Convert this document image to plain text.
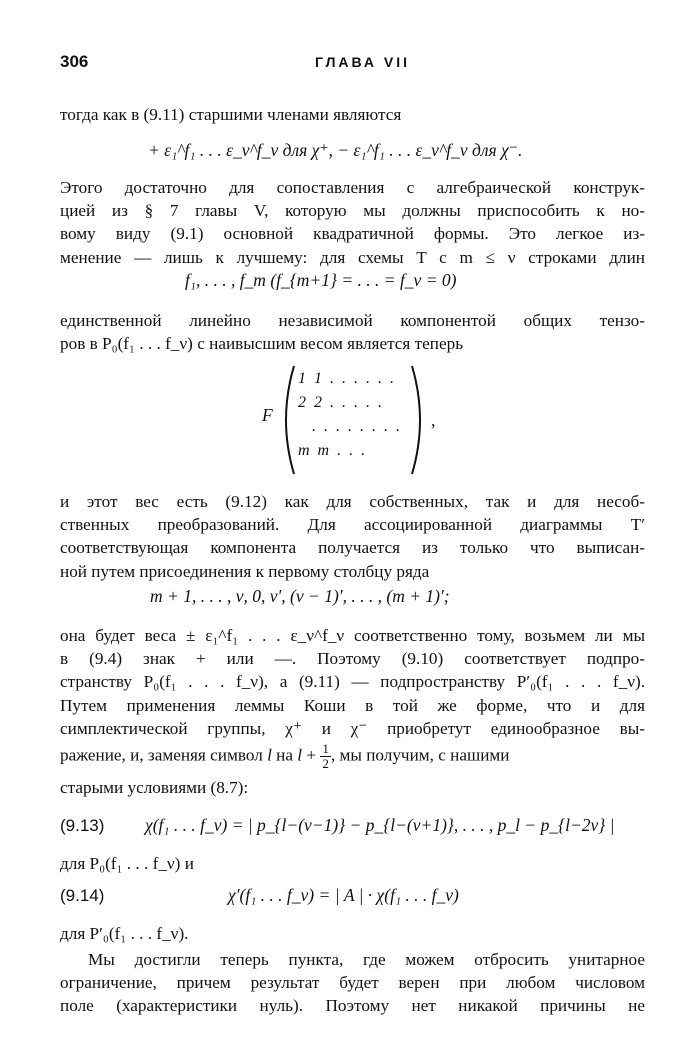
306	ГЛАВА VII
тогда как в (9.11) старшими членами являются
+ ε₁^f₁ . . . ε_ν^f_ν для χ⁺, − ε₁^f₁ . . . ε_ν^f_ν для χ⁻.
Этого достаточно для сопоставления с алгебраической конструк-
цией из § 7 главы V, которую мы должны приспособить к но-
вому виду (9.1) основной квадратичной формы. Это легкое из-
менение — лишь к лучшему: для схемы T с m ≤ ν строками длин
f₁, . . . , f_m (f_{m+1} = . . . = f_ν = 0)
единственной линейно независимой компонентой общих тензо-
ров в P₀(f₁ . . . f_ν) с наивысшим весом является теперь
F
1 1 . . . . . .
2 2 . . . . .
. . . . . . . .
m m . . .
,
и этот вес есть (9.12) как для собственных, так и для несоб-
ственных преобразований. Для ассоциированной диаграммы T′
соответствующая компонента получается из только что выписан-
ной путем присоединения к первому столбцу ряда
m + 1, . . . , ν, 0, ν′, (ν − 1)′, . . . , (m + 1)′;
она будет веса ± ε₁^f₁ . . . ε_ν^f_ν соответственно тому, возьмем ли мы
в (9.4) знак + или —. Поэтому (9.10) соответствует подпро-
странству P₀(f₁ . . . f_ν), а (9.11) — подпространству P′₀(f₁ . . . f_ν).
Путем применения леммы Коши в той же форме, что и для
симплектической группы, χ⁺ и χ⁻ приобретут единообразное вы-
ражение, и, заменяя символ l на $l + \frac{1}{2}$ , мы получим, с нашими
старыми условиями (8.7):
(9.13) χ(f₁ . . . f_ν) = | p_{l−(ν−1)} − p_{l−(ν+1)}, . . . , p_l − p_{l−2ν} |
для P₀(f₁ . . . f_ν) и
(9.14)	χ′(f₁ . . . f_ν) = | A | · χ(f₁ . . . f_ν)
для P′₀(f₁ . . . f_ν).
Мы достигли теперь пункта, где можем отбросить унитарное
ограничение, причем результат будет верен при любом числовом
поле (характеристики нуль). Поэтому нет никакой причины не
